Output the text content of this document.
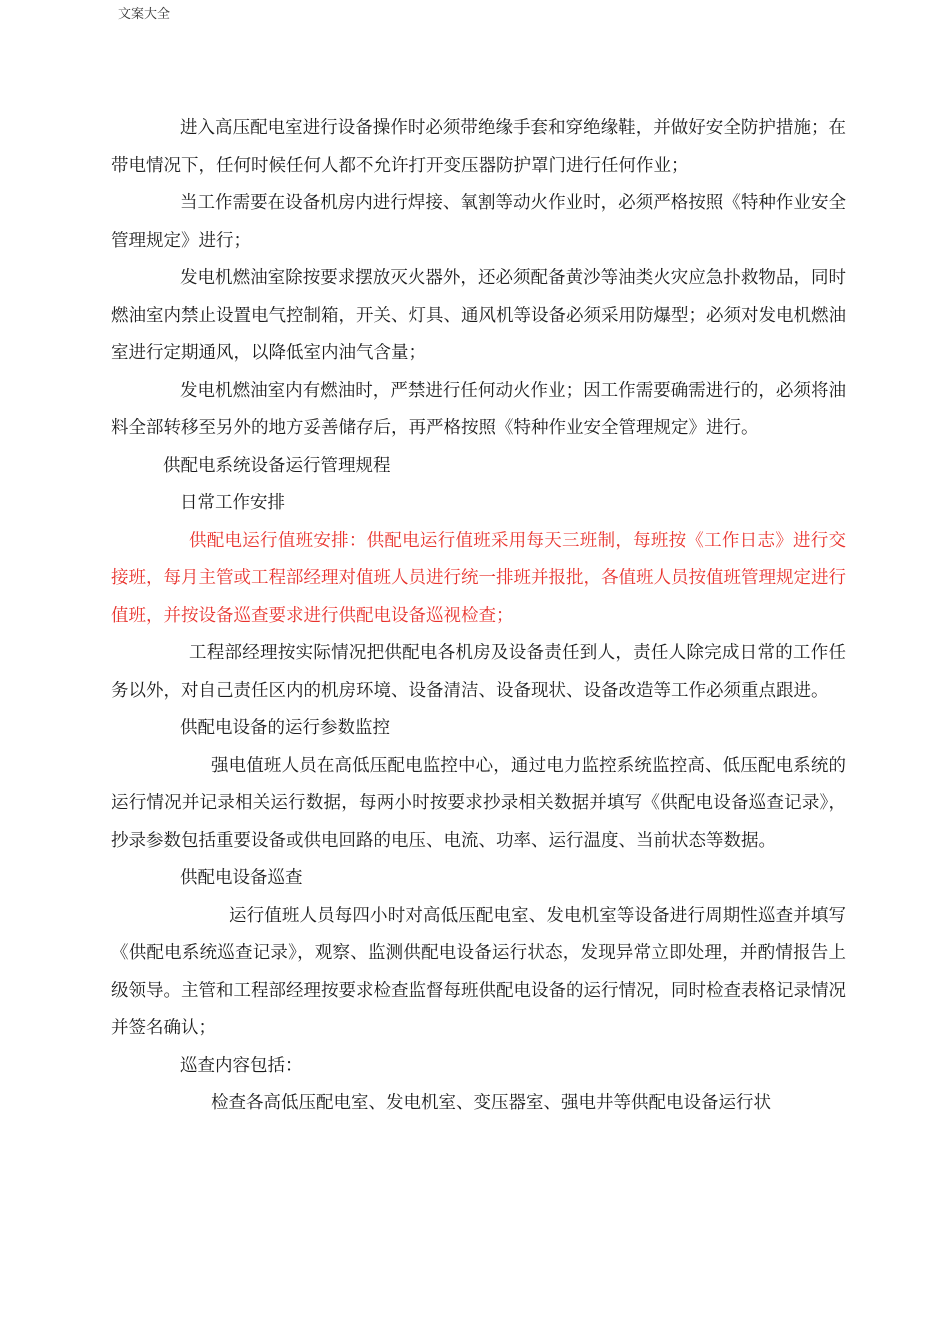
文案大全

进入高压配电室进行设备操作时必须带绝缘手套和穿绝缘鞋，并做好安全防护措施；在带电情况下，任何时候任何人都不允许打开变压器防护罩门进行任何作业；

当工作需要在设备机房内进行焊接、氧割等动火作业时，必须严格按照《特种作业安全管理规定》进行；

发电机燃油室除按要求摆放灭火器外，还必须配备黄沙等油类火灾应急扑救物品，同时燃油室内禁止设置电气控制箱，开关、灯具、通风机等设备必须采用防爆型；必须对发电机燃油室进行定期通风，以降低室内油气含量；

发电机燃油室内有燃油时，严禁进行任何动火作业；因工作需要确需进行的，必须将油料全部转移至另外的地方妥善储存后，再严格按照《特种作业安全管理规定》进行。

供配电系统设备运行管理规程

日常工作安排

供配电运行值班安排：供配电运行值班采用每天三班制，每班按《工作日志》进行交接班，每月主管或工程部经理对值班人员进行统一排班并报批，各值班人员按值班管理规定进行值班，并按设备巡查要求进行供配电设备巡视检查；

工程部经理按实际情况把供配电各机房及设备责任到人，责任人除完成日常的工作任务以外，对自己责任区内的机房环境、设备清洁、设备现状、设备改造等工作必须重点跟进。

供配电设备的运行参数监控

强电值班人员在高低压配电监控中心，通过电力监控系统监控高、低压配电系统的运行情况并记录相关运行数据，每两小时按要求抄录相关数据并填写《供配电设备巡查记录》，抄录参数包括重要设备或供电回路的电压、电流、功率、运行温度、当前状态等数据。

供配电设备巡查

运行值班人员每四小时对高低压配电室、发电机室等设备进行周期性巡查并填写《供配电系统巡查记录》，观察、监测供配电设备运行状态，发现异常立即处理，并酌情报告上级领导。主管和工程部经理按要求检查监督每班供配电设备的运行情况，同时检查表格记录情况并签名确认；

巡查内容包括：

检查各高低压配电室、发电机室、变压器室、强电井等供配电设备运行状
